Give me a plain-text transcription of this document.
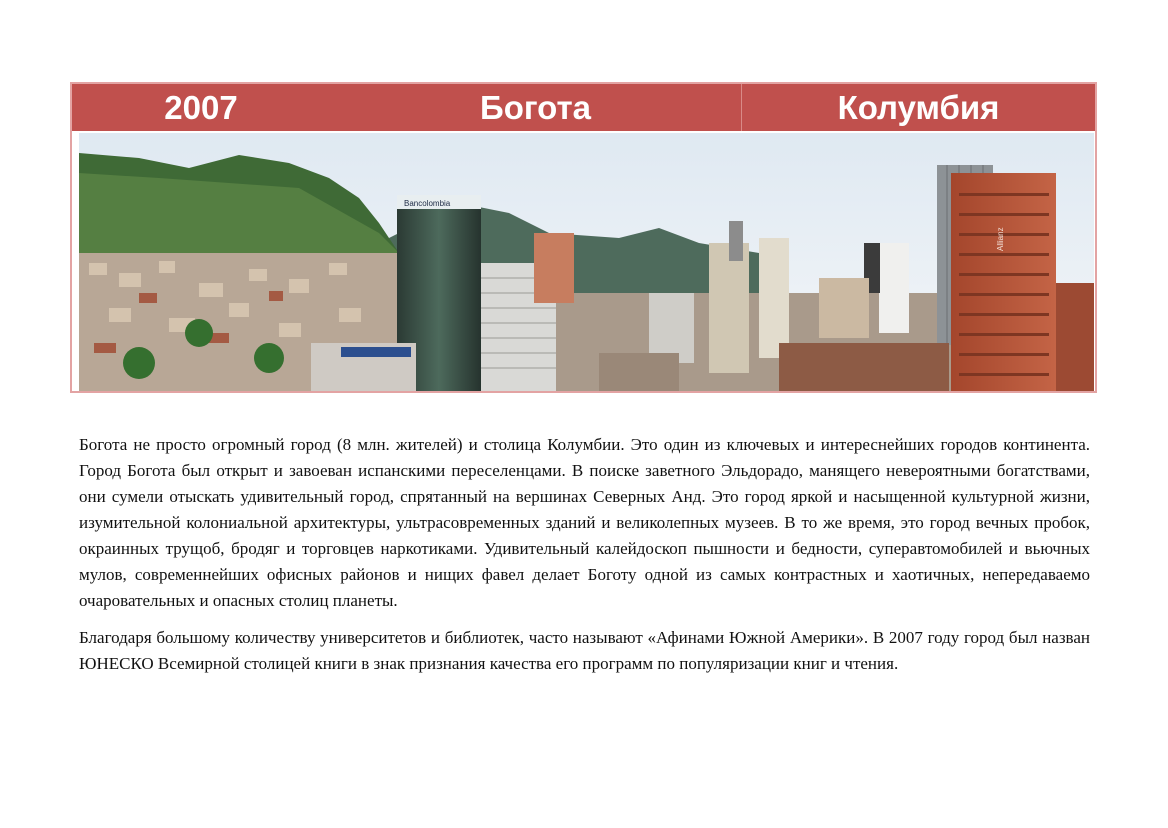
2007	Богота	Колумбия
Bancolombia
Allianz

Богота не просто огромный город (8 млн. жителей) и столица Колумбии. Это один из ключевых и интереснейших городов континента. Город Богота был открыт и завоеван испанскими переселенцами. В поиске заветного Эльдорадо, манящего невероятными богатствами, они сумели отыскать удивительный город, спрятанный на вершинах Северных Анд. Это город яркой и насыщенной культурной жизни, изумительной колониальной архитектуры, ультрасовременных зданий и великолепных музеев. В то же время, это город вечных пробок, окраинных трущоб, бродяг и торговцев наркотиками. Удивительный калейдоскоп пышности и бедности, суперавтомобилей и вьючных мулов, современнейших офисных районов и нищих фавел делает Боготу одной из самых контрастных и хаотичных, непередаваемо очаровательных и опасных столиц планеты.

Благодаря большому количеству университетов и библиотек, часто называют «Афинами Южной Америки». В 2007 году город был назван ЮНЕСКО Всемирной столицей книги в знак признания качества его программ по популяризации книг и чтения.
